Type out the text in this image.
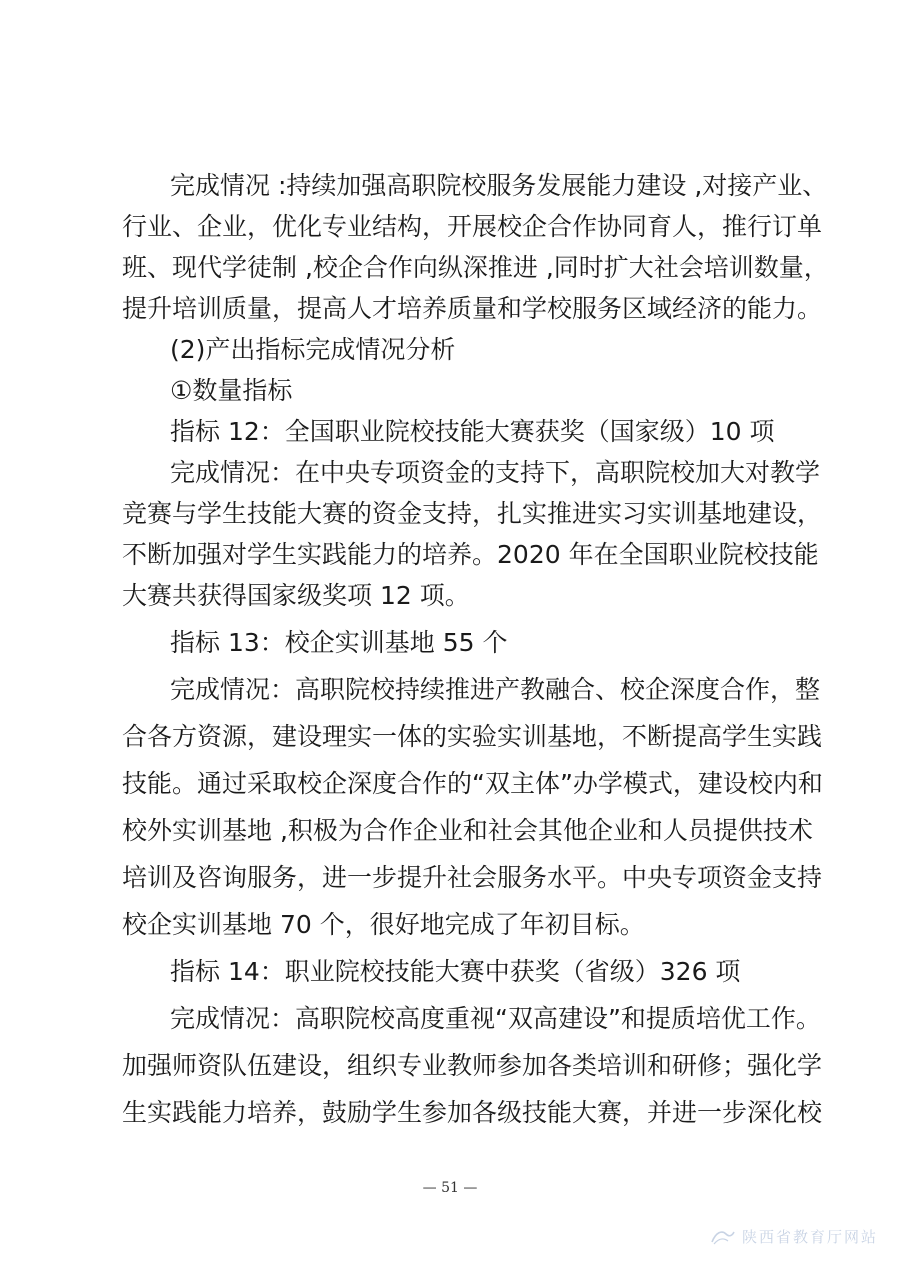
完成情况 :持续加强高职院校服务发展能力建设 ,对接产业、
行业、企业，优化专业结构，开展校企合作协同育人，推行订单
班、现代学徒制 ,校企合作向纵深推进 ,同时扩大社会培训数量，
提升培训质量，提高人才培养质量和学校服务区域经济的能力。
(2)产出指标完成情况分析
①数量指标
指标 12：全国职业院校技能大赛获奖（国家级）10 项
完成情况：在中央专项资金的支持下，高职院校加大对教学
竞赛与学生技能大赛的资金支持，扎实推进实习实训基地建设，
不断加强对学生实践能力的培养。2020 年在全国职业院校技能
大赛共获得国家级奖项 12 项。
指标 13：校企实训基地 55 个
完成情况：高职院校持续推进产教融合、校企深度合作，整
合各方资源，建设理实一体的实验实训基地，不断提高学生实践
技能。通过采取校企深度合作的“双主体”办学模式，建设校内和
校外实训基地 ,积极为合作企业和社会其他企业和人员提供技术
培训及咨询服务，进一步提升社会服务水平。中央专项资金支持
校企实训基地 70 个，很好地完成了年初目标。
指标 14：职业院校技能大赛中获奖（省级）326 项
完成情况：高职院校高度重视“双高建设”和提质培优工作。
加强师资队伍建设，组织专业教师参加各类培训和研修；强化学
生实践能力培养，鼓励学生参加各级技能大赛，并进一步深化校
— 51 —
陕西省教育厅网站
